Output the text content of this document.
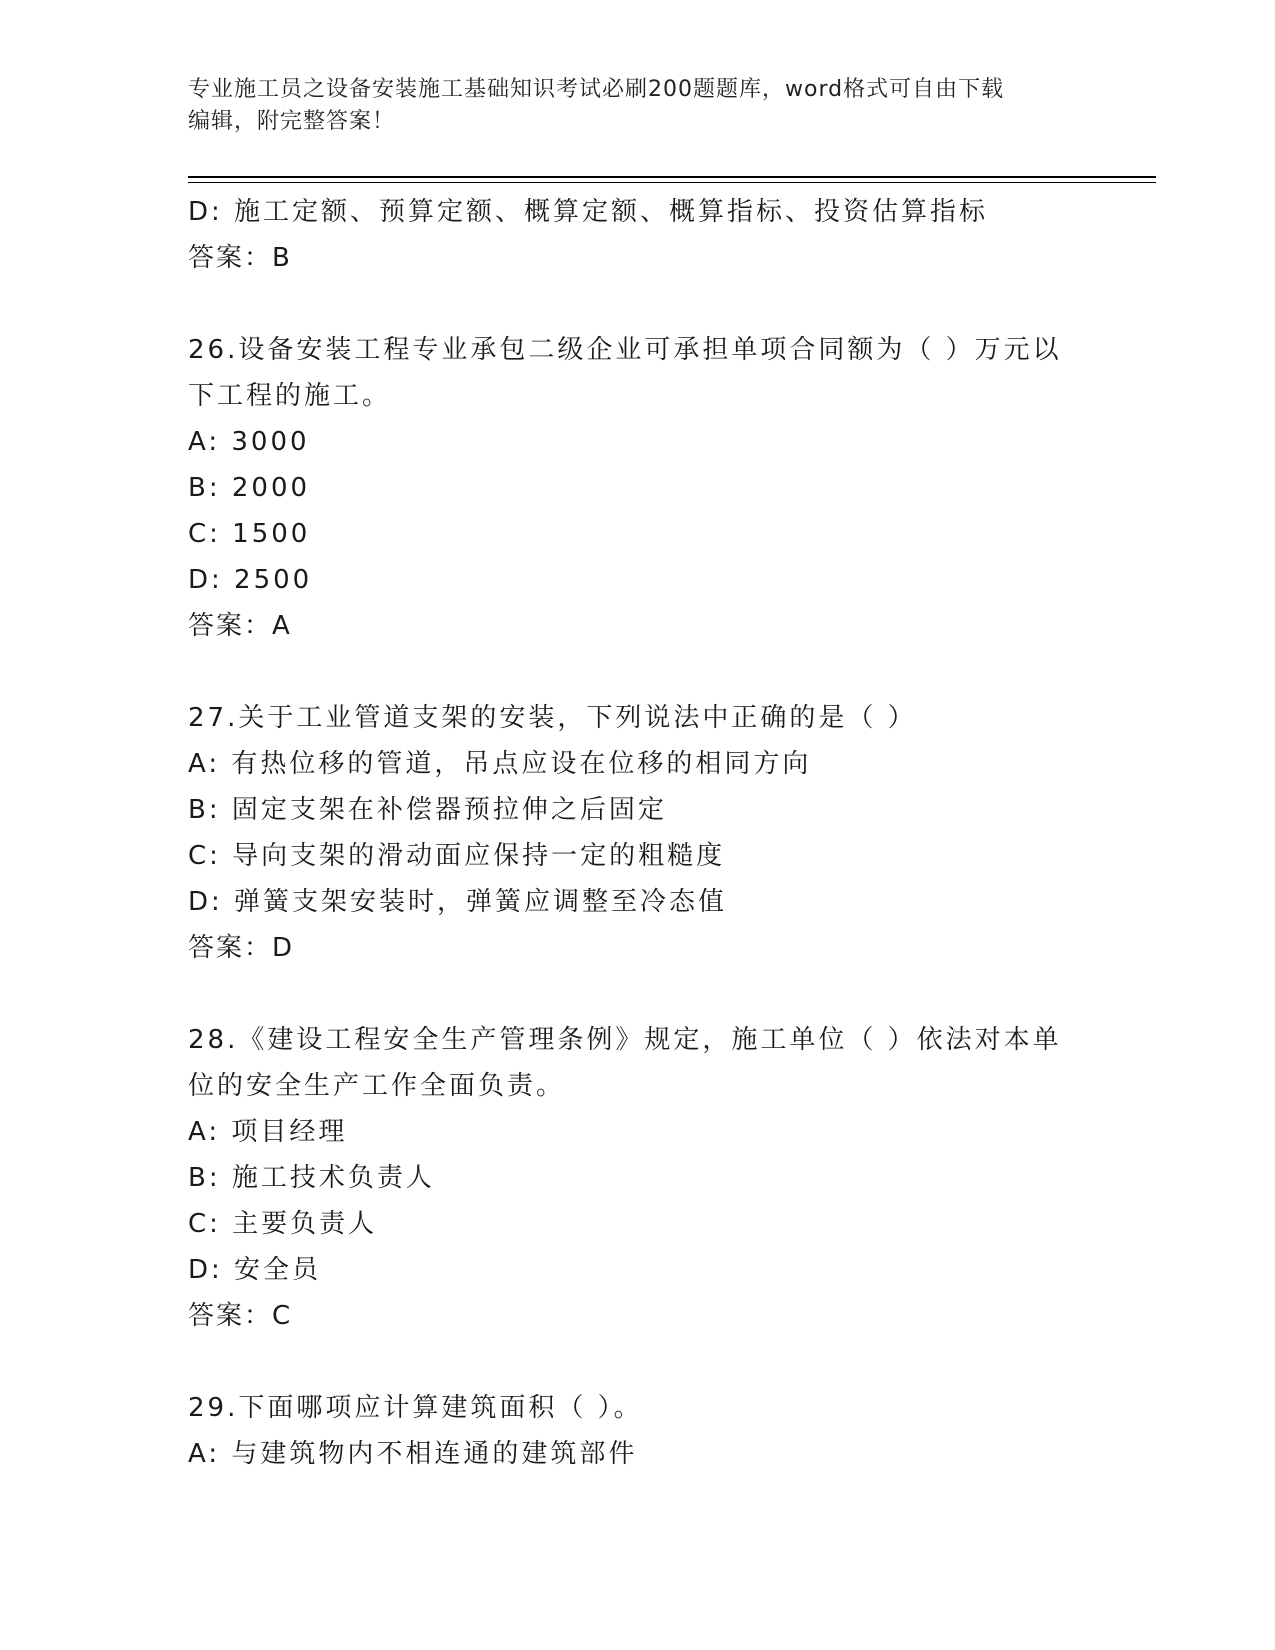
专业施工员之设备安装施工基础知识考试必刷200题题库，word格式可自由下载
编辑，附完整答案！
D: 施工定额、预算定额、概算定额、概算指标、投资估算指标
答案：B
26.设备安装工程专业承包二级企业可承担单项合同额为（ ）万元以
下工程的施工。
A: 3000
B: 2000
C: 1500
D: 2500
答案：A
27.关于工业管道支架的安装，下列说法中正确的是（ ）
A: 有热位移的管道，吊点应设在位移的相同方向
B: 固定支架在补偿器预拉伸之后固定
C: 导向支架的滑动面应保持一定的粗糙度
D: 弹簧支架安装时，弹簧应调整至冷态值
答案：D
28.《建设工程安全生产管理条例》规定，施工单位（ ）依法对本单
位的安全生产工作全面负责。
A: 项目经理
B: 施工技术负责人
C: 主要负责人
D: 安全员
答案：C
29.下面哪项应计算建筑面积（ ）。
A: 与建筑物内不相连通的建筑部件
